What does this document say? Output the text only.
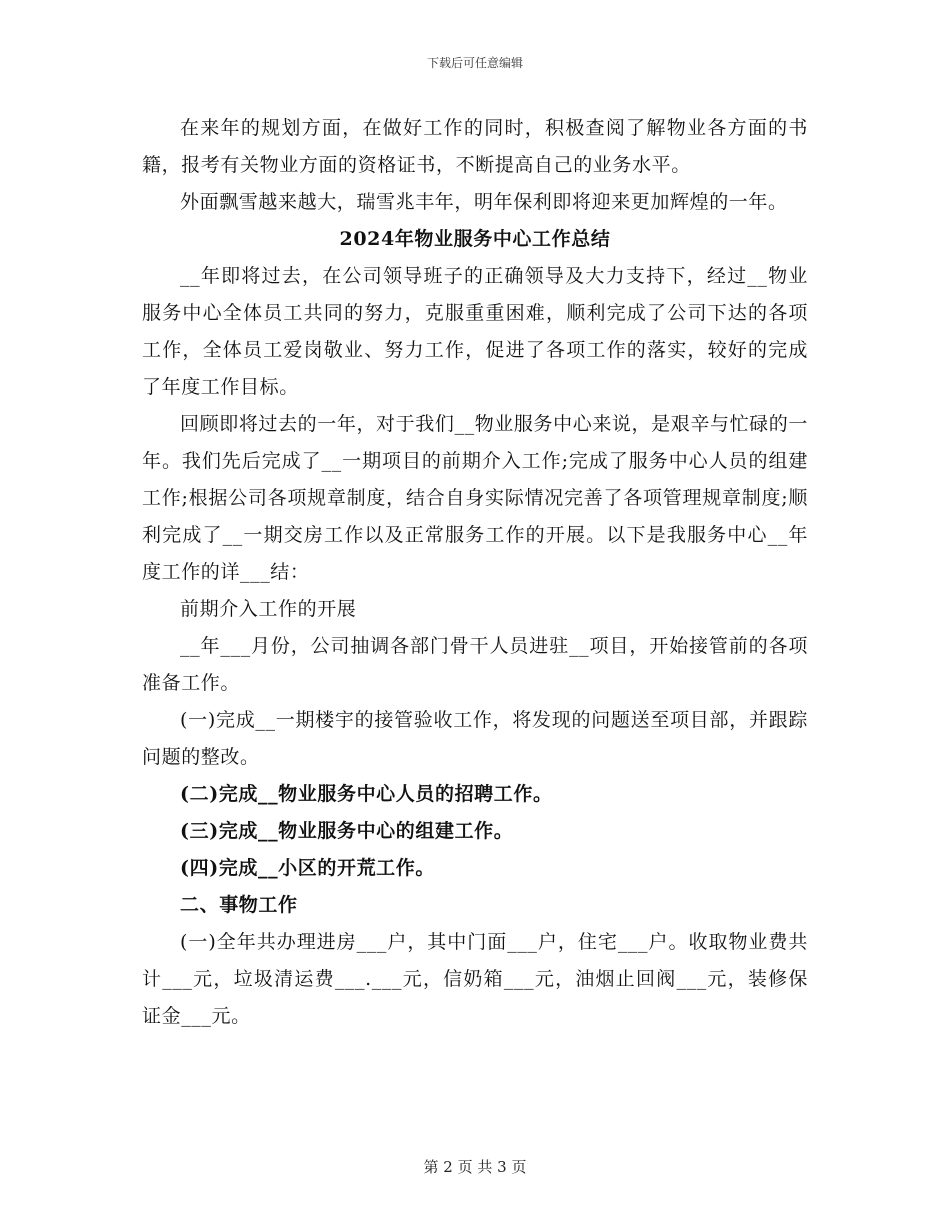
下载后可任意编辑

在来年的规划方面，在做好工作的同时，积极查阅了解物业各方面的书籍，报考有关物业方面的资格证书，不断提高自己的业务水平。

外面飘雪越来越大，瑞雪兆丰年，明年保利即将迎来更加辉煌的一年。

2024年物业服务中心工作总结

__年即将过去，在公司领导班子的正确领导及大力支持下，经过__物业服务中心全体员工共同的努力，克服重重困难，顺利完成了公司下达的各项工作，全体员工爱岗敬业、努力工作，促进了各项工作的落实，较好的完成了年度工作目标。

回顾即将过去的一年，对于我们__物业服务中心来说，是艰辛与忙碌的一年。我们先后完成了__一期项目的前期介入工作;完成了服务中心人员的组建工作;根据公司各项规章制度，结合自身实际情况完善了各项管理规章制度;顺利完成了__一期交房工作以及正常服务工作的开展。以下是我服务中心__年度工作的详___结：

前期介入工作的开展

__年___月份，公司抽调各部门骨干人员进驻__项目，开始接管前的各项准备工作。

(一)完成__一期楼宇的接管验收工作，将发现的问题送至项目部，并跟踪问题的整改。

(二)完成__物业服务中心人员的招聘工作。

(三)完成__物业服务中心的组建工作。

(四)完成__小区的开荒工作。

二、事物工作

(一)全年共办理进房___户，其中门面___户，住宅___户。收取物业费共计___元，垃圾清运费___.___元，信奶箱___元，油烟止回阀___元，装修保证金___元。

第 2 页 共 3 页
